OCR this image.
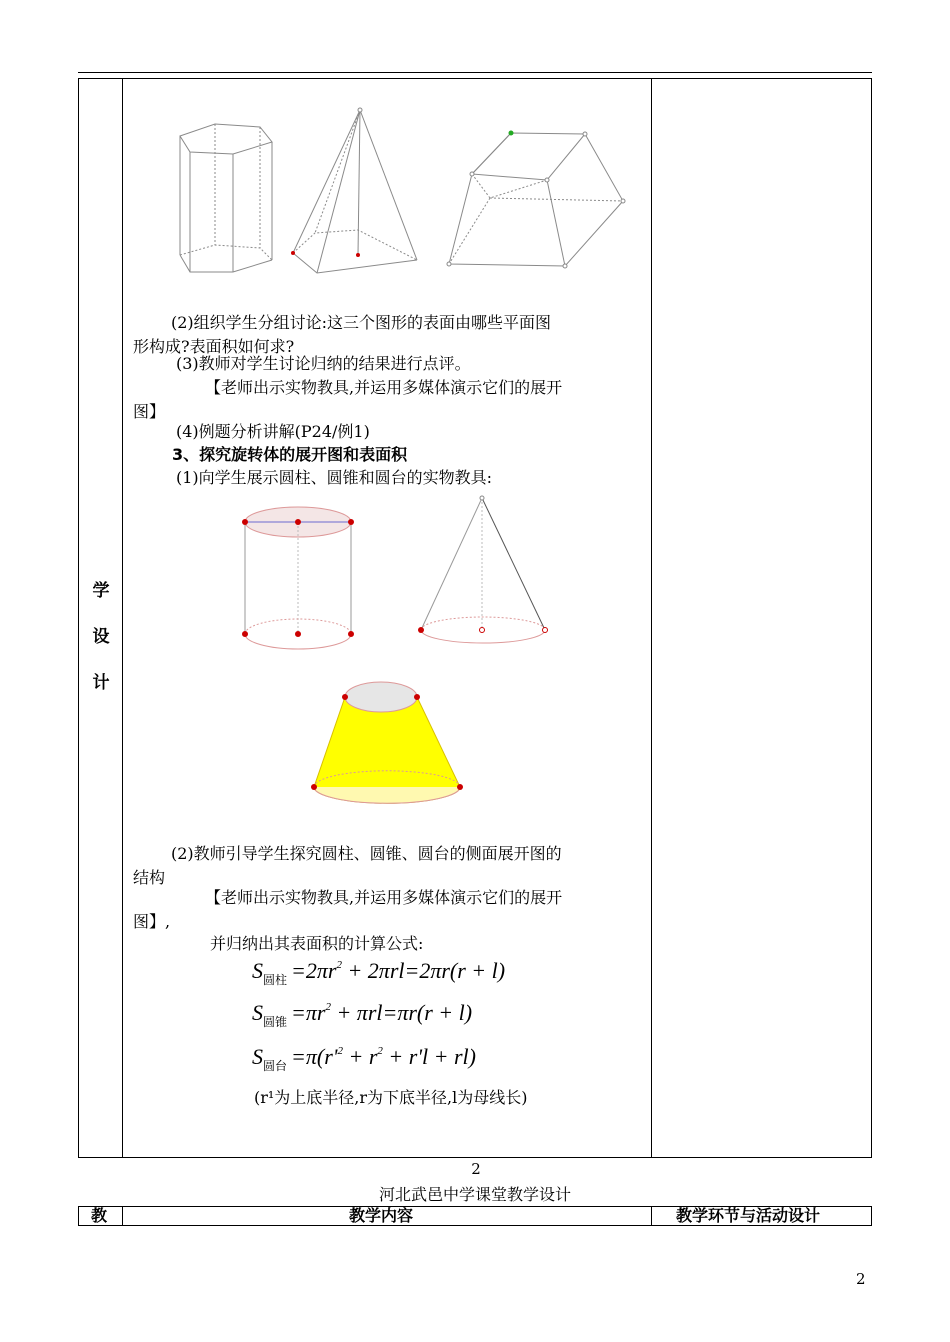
学
设
计
(2)组织学生分组讨论:这三个图形的表面由哪些平面图
形构成?表面积如何求?
(3)教师对学生讨论归纳的结果进行点评。
【老师出示实物教具,并运用多媒体演示它们的展开
图】
(4)例题分析讲解(P24/例1)
3、探究旋转体的展开图和表面积
(1)向学生展示圆柱、圆锥和圆台的实物教具:
(2)教师引导学生探究圆柱、圆锥、圆台的侧面展开图的
结构
【老师出示实物教具,并运用多媒体演示它们的展开
图】,
并归纳出其表面积的计算公式:
$S_{圆柱} =2\pi r^2 + 2\pi rl=2\pi r(r + l)$
$S_{圆锥} =\pi r^2 + \pi rl=\pi r(r + l)$
$S_{圆台} =\pi(r'^2 + r^2 + r'l + rl)$
(r¹为上底半径,r为下底半径,l为母线长)
2
河北武邑中学课堂教学设计
教	教学内容	教学环节与活动设计
2
